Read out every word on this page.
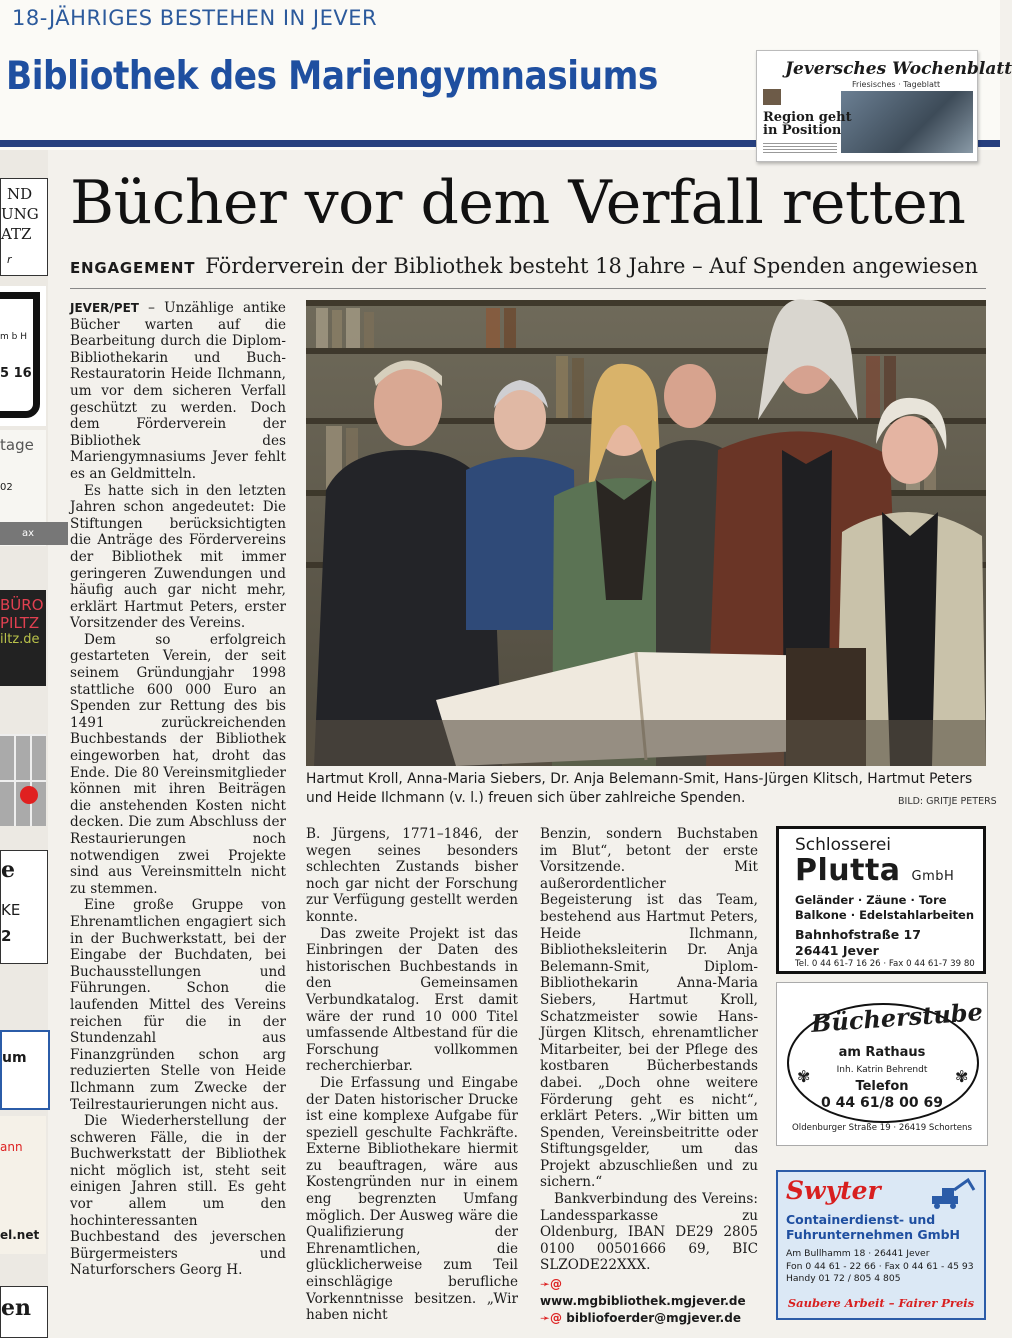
18-JÄHRIGES BESTEHEN IN JEVER
Bibliothek des Mariengymnasiums	Jeversches Wochenblatt
Friesisches · Tageblatt
Region geht
in Position
ND
UNG
ATZ
r
m b H
5 16
tage
02
ax
BÜRO
PILTZ
iltz.de
e
KE
2
um
ann
el.net
en
Bücher vor dem Verfall retten
ENGAGEMENT Förderverein der Bibliothek besteht 18 Jahre – Auf Spenden angewiesen

JEVER/PET – Unzählige antike Bücher warten auf die Bearbeitung durch die Diplom-Bibliothekarin und Buch-Restauratorin Heide Ilchmann, um vor dem sicheren Verfall geschützt zu werden. Doch dem Förderverein der Bibliothek des Mariengymnasiums Jever fehlt es an Geldmitteln.

Es hatte sich in den letzten Jahren schon angedeutet: Die Stiftungen berücksichtigten die Anträge des Fördervereins der Bibliothek mit immer geringeren Zuwendungen und häufig auch gar nicht mehr, erklärt Hartmut Peters, erster Vorsitzender des Vereins.

Dem so erfolgreich gestarteten Verein, der seit seinem Gründungjahr 1998 stattliche 600 000 Euro an Spenden zur Rettung des bis 1491 zurückreichenden Buchbestands der Bibliothek eingeworben hat, droht das Ende. Die 80 Vereinsmitglieder können mit ihren Beiträgen die anstehenden Kosten nicht decken. Die zum Abschluss der Restaurierungen noch notwendigen zwei Projekte sind aus Vereinsmitteln nicht zu stemmen.

Eine große Gruppe von Ehrenamtlichen engagiert sich in der Buchwerkstatt, bei der Eingabe der Buchdaten, bei Buchausstellungen und Führungen. Schon die laufenden Mittel des Vereins reichen für die in der Stundenzahl aus Finanzgründen schon arg reduzierten Stelle von Heide Ilchmann zum Zwecke der Teilrestaurierungen nicht aus.

Die Wiederherstellung der schweren Fälle, die in der Buchwerkstatt der Bibliothek nicht möglich ist, steht seit einigen Jahren still. Es geht vor allem um den hochinteressanten Buchbestand des jeverschen Bürgermeisters und Naturforschers Georg H.

Hartmut Kroll, Anna-Maria Siebers, Dr. Anja Belemann-Smit, Hans-Jürgen Klitsch, Hartmut Peters und Heide Ilchmann (v. l.) freuen sich über zahlreiche Spenden.	BILD: GRITJE PETERS

B. Jürgens, 1771–1846, der wegen seines besonders schlechten Zustands bisher noch gar nicht der Forschung zur Verfügung gestellt werden konnte.

Das zweite Projekt ist das Einbringen der Daten des historischen Buchbestands in den Gemeinsamen Verbundkatalog. Erst damit wäre der rund 10 000 Titel umfassende Altbestand für die Forschung vollkommen recherchierbar.

Die Erfassung und Eingabe der Daten historischer Drucke ist eine komplexe Aufgabe für speziell geschulte Fachkräfte. Externe Bibliothekare hiermit zu beauftragen, wäre aus Kostengründen nur in einem eng begrenzten Umfang möglich. Der Ausweg wäre die Qualifizierung der Ehrenamtlichen, die glücklicherweise zum Teil einschlägige berufliche Vorkenntnisse besitzen. „Wir haben nicht

Benzin, sondern Buchstaben im Blut“, betont der erste Vorsitzende. Mit außerordentlicher Begeisterung ist das Team, bestehend aus Hartmut Peters, Heide Ilchmann, Bibliotheksleiterin Dr. Anja Belemann-Smit, Diplom-Bibliothekarin Anna-Maria Siebers, Hartmut Kroll, Schatzmeister sowie Hans-Jürgen Klitsch, ehrenamtlicher Mitarbeiter, bei der Pflege des kostbaren Bücherbestands dabei. „Doch ohne weitere Förderung geht es nicht“, erklärt Peters. „Wir bitten um Spenden, Vereinsbeitritte oder Stiftungsgelder, um das Projekt abzuschließen und zu sichern.“

Bankverbindung des Vereins: Landessparkasse zu Oldenburg, IBAN DE29 2805 0100 00501666 69, BIC SLZODE22XXX.

➛@ www.mgbibliothek.mgjever.de
➛@ bibliofoerder@mgjever.de
Schlosserei
Plutta GmbH
Geländer · Zäune · Tore
Balkone · Edelstahlarbeiten
Bahnhofstraße 17
26441 Jever
Tel. 0 44 61-7 16 26 · Fax 0 44 61-7 39 80
Bücherstube
am Rathaus
Inh. Katrin Behrendt
Telefon
0 44 61/8 00 69
✾	✾
Oldenburger Straße 19 · 26419 Schortens
Swyter
Containerdienst- und
Fuhrunternehmen GmbH
Am Bullhamm 18 · 26441 Jever
Fon 0 44 61 - 22 66 · Fax 0 44 61 - 45 93
Handy 01 72 / 805 4 805
Saubere Arbeit – Fairer Preis
